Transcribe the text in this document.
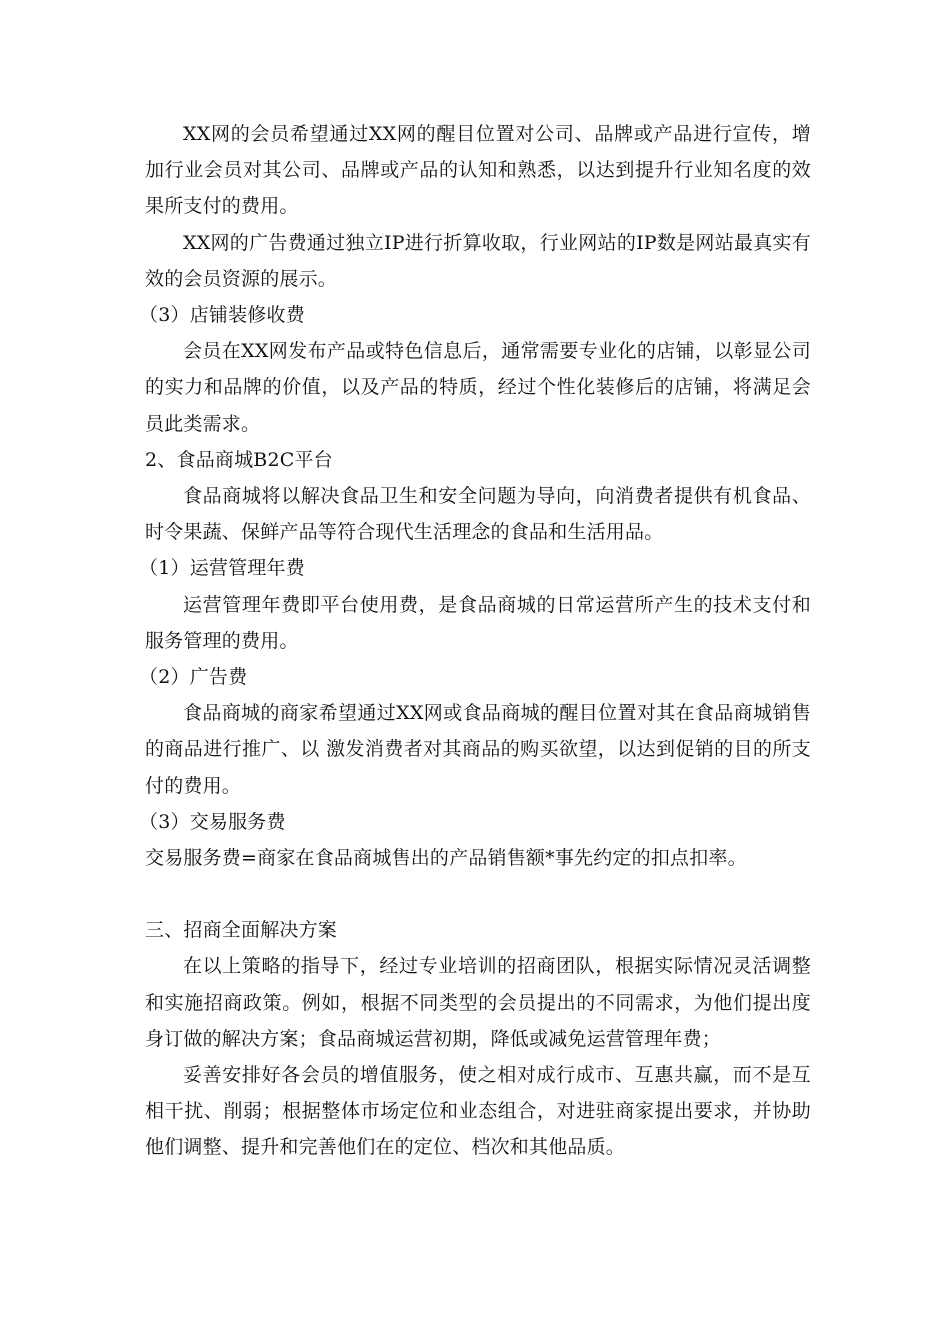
XX网的会员希望通过XX网的醒目位置对公司、品牌或产品进行宣传，增加行业会员对其公司、品牌或产品的认知和熟悉，以达到提升行业知名度的效果所支付的费用。

XX网的广告费通过独立IP进行折算收取，行业网站的IP数是网站最真实有效的会员资源的展示。

（3）店铺装修收费

会员在XX网发布产品或特色信息后，通常需要专业化的店铺，以彰显公司的实力和品牌的价值，以及产品的特质，经过个性化装修后的店铺，将满足会员此类需求。

2、食品商城B2C平台

食品商城将以解决食品卫生和安全问题为导向，向消费者提供有机食品、时令果蔬、保鲜产品等符合现代生活理念的食品和生活用品。

（1）运营管理年费

运营管理年费即平台使用费，是食品商城的日常运营所产生的技术支付和服务管理的费用。

（2）广告费

食品商城的商家希望通过XX网或食品商城的醒目位置对其在食品商城销售的商品进行推广、以 激发消费者对其商品的购买欲望，以达到促销的目的所支付的费用。

（3）交易服务费

交易服务费=商家在食品商城售出的产品销售额*事先约定的扣点扣率。

三、招商全面解决方案

在以上策略的指导下，经过专业培训的招商团队，根据实际情况灵活调整和实施招商政策。例如，根据不同类型的会员提出的不同需求，为他们提出度身订做的解决方案；食品商城运营初期，降低或减免运营管理年费；

妥善安排好各会员的增值服务，使之相对成行成市、互惠共赢，而不是互相干扰、削弱；根据整体市场定位和业态组合，对进驻商家提出要求，并协助他们调整、提升和完善他们在的定位、档次和其他品质。
